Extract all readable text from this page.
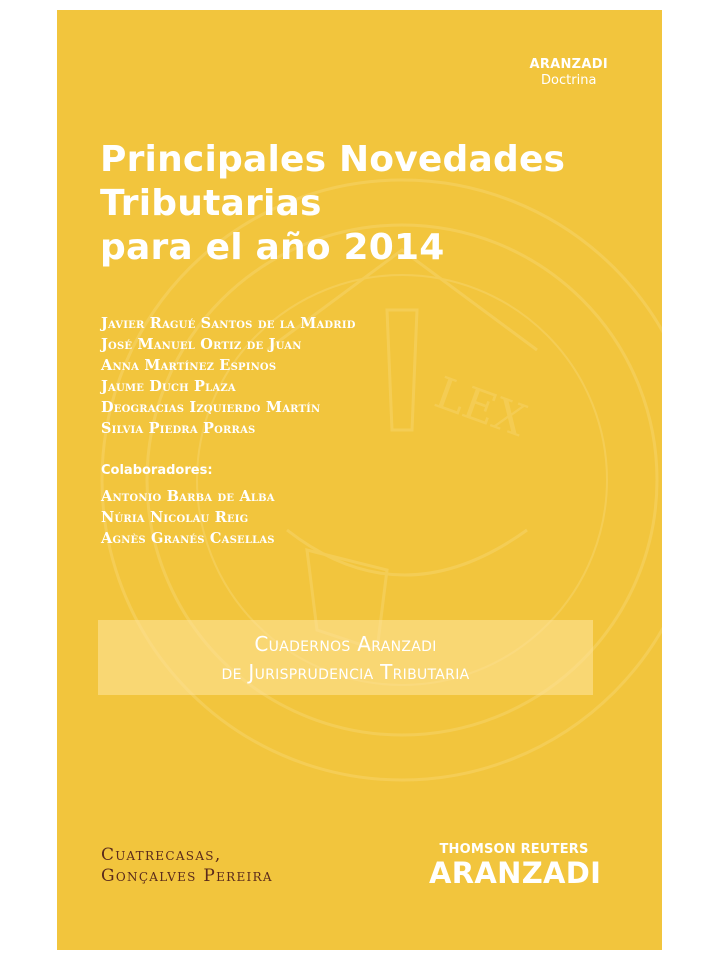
LEX
ARANZADI
Doctrina
Principales Novedades
Tributarias
para el año 2014
Javier Ragué Santos de la Madrid
José Manuel Ortiz de Juan
Anna Martínez Espinos
Jaume Duch Plaza
Deogracias Izquierdo Martín
Silvia Piedra Porras
Colaboradores:
Antonio Barba de Alba
Núria Nicolau Reig
Agnès Granés Casellas
Cuadernos Aranzadi
de Jurisprudencia Tributaria
Cuatrecasas,
Gonçalves Pereira
THOMSON REUTERS
ARANZADI
